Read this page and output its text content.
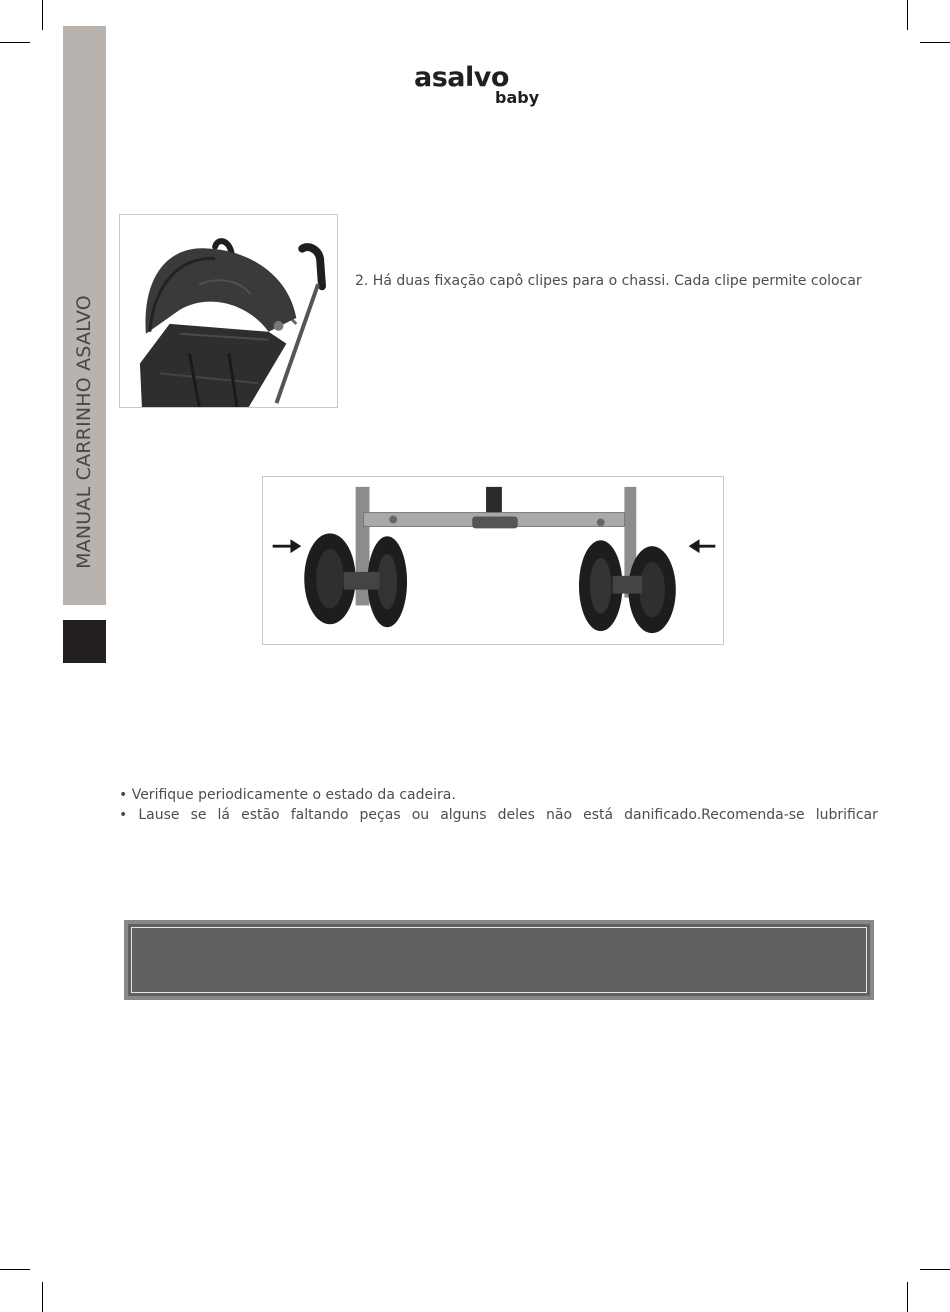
MANUAL CARRINHO ASALVO
asalvo
baby
2. Há duas fixação capô clipes para o chassi. Cada clipe permite colocar
• Verifique periodicamente o estado da cadeira.
• Lause se lá estão faltando peças ou alguns deles não está danificado.Recomenda-se lubrificar
